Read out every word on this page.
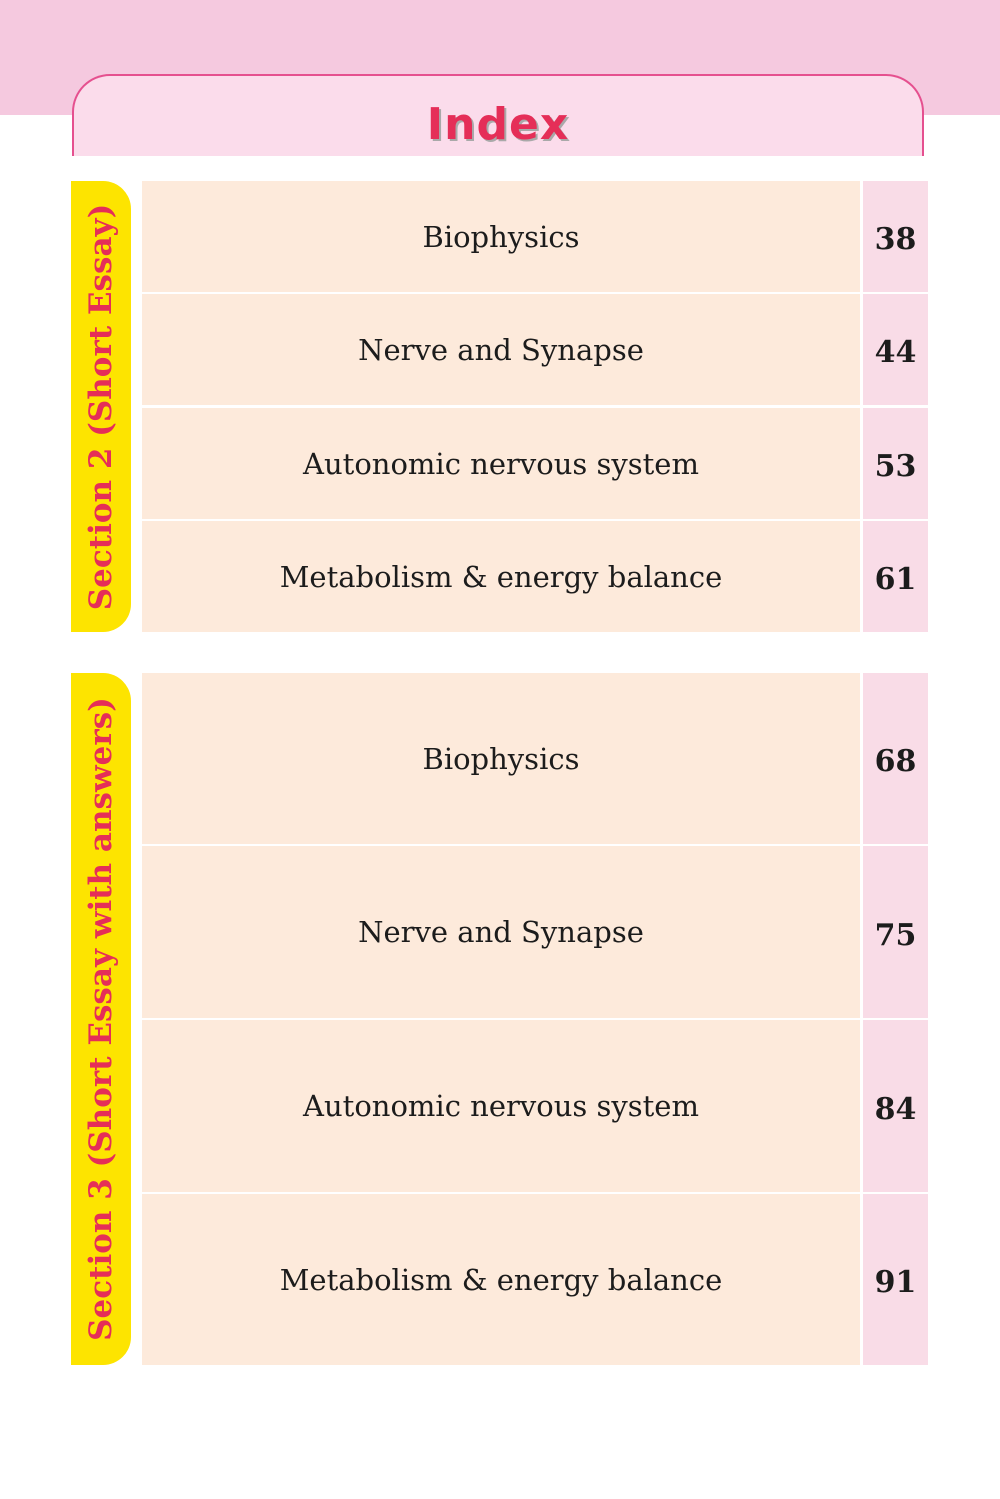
Index
Section 2 (Short Essay)	Biophysics	38
Nerve and Synapse	44
Autonomic nervous system	53
Metabolism & energy balance	61
Section 3 (Short Essay with answers)	Biophysics	68
Nerve and Synapse	75
Autonomic nervous system	84
Metabolism & energy balance	91
